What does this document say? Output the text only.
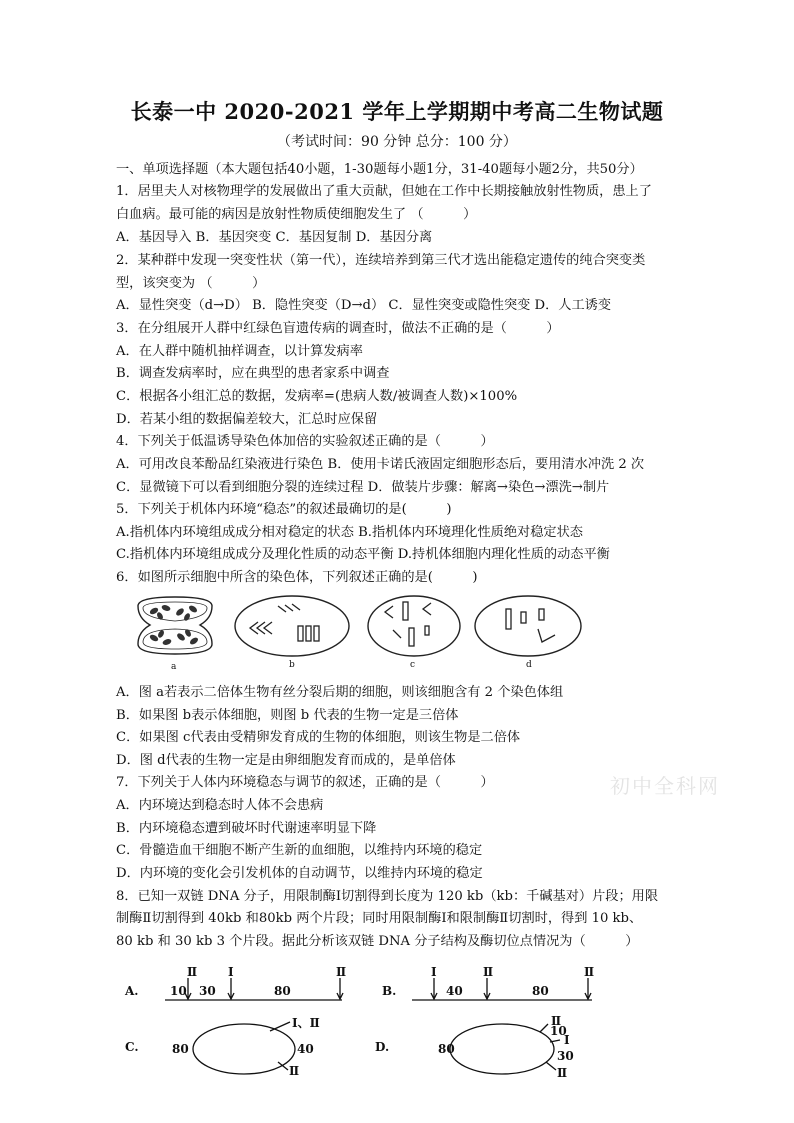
长泰一中 2020-2021 学年上学期期中考高二生物试题
（考试时间：90 分钟 总分：100 分）
一、单项选择题（本大题包括40小题，1-30题每小题1分，31-40题每小题2分，共50分）
1．居里夫人对核物理学的发展做出了重大贡献，但她在工作中长期接触放射性物质，患上了
白血病。最可能的病因是放射性物质使细胞发生了 （　　　）
A．基因导入 B．基因突变 C．基因复制 D．基因分离
2．某种群中发现一突变性状（第一代），连续培养到第三代才选出能稳定遗传的纯合突变类
型，该突变为 （　　　）
A．显性突变（d→D） B．隐性突变（D→d） C．显性突变或隐性突变 D．人工诱变
3．在分组展开人群中红绿色盲遗传病的调查时，做法不正确的是（　　　）
A．在人群中随机抽样调查，以计算发病率
B．调查发病率时，应在典型的患者家系中调查
C．根据各小组汇总的数据，发病率=(患病人数/被调查人数)×100%
D．若某小组的数据偏差较大，汇总时应保留
4．下列关于低温诱导染色体加倍的实验叙述正确的是（　　　）
A．可用改良苯酚品红染液进行染色 B．使用卡诺氏液固定细胞形态后，要用清水冲洗 2 次
C．显微镜下可以看到细胞分裂的连续过程 D．做装片步骤：解离→染色→漂洗→制片
5．下列关于机体内环境“稳态”的叙述最确切的是(　　　)
A.指机体内环境组成成分相对稳定的状态 B.指机体内环境理化性质绝对稳定状态
C.指机体内环境组成成分及理化性质的动态平衡 D.持机体细胞内理化性质的动态平衡
6．如图所示细胞中所含的染色体，下列叙述正确的是(　　　)
a	b	c	d
A．图 a若表示二倍体生物有丝分裂后期的细胞，则该细胞含有 2 个染色体组
B．如果图 b表示体细胞，则图 b 代表的生物一定是三倍体
C．如果图 c代表由受精卵发育成的生物的体细胞，则该生物是二倍体
D．图 d代表的生物一定是由卵细胞发育而成的，是单倍体
7．下列关于人体内环境稳态与调节的叙述，正确的是（　　　）
A．内环境达到稳态时人体不会患病
B．内环境稳态遭到破坏时代谢速率明显下降
C．骨髓造血干细胞不断产生新的血细胞，以维持内环境的稳定
D．内环境的变化会引发机体的自动调节，以维持内环境的稳定
8．已知一双链 DNA 分子，用限制酶Ⅰ切割得到长度为 120 kb（kb：千碱基对）片段；用限
制酶Ⅱ切割得到 40kb 和80kb 两个片段；同时用限制酶Ⅰ和限制酶Ⅱ切割时，得到 10 kb、
80 kb 和 30 kb 3 个片段。据此分析该双链 DNA 分子结构及酶切位点情况为（　　　）
初中全科网
A.
Ⅱ	Ⅰ	Ⅱ
10 30	80	B.
Ⅰ	Ⅱ	Ⅱ
40	80
C.	80	40
Ⅰ、Ⅱ
Ⅱ
D.	80
10
30
Ⅱ
Ⅰ
Ⅱ
